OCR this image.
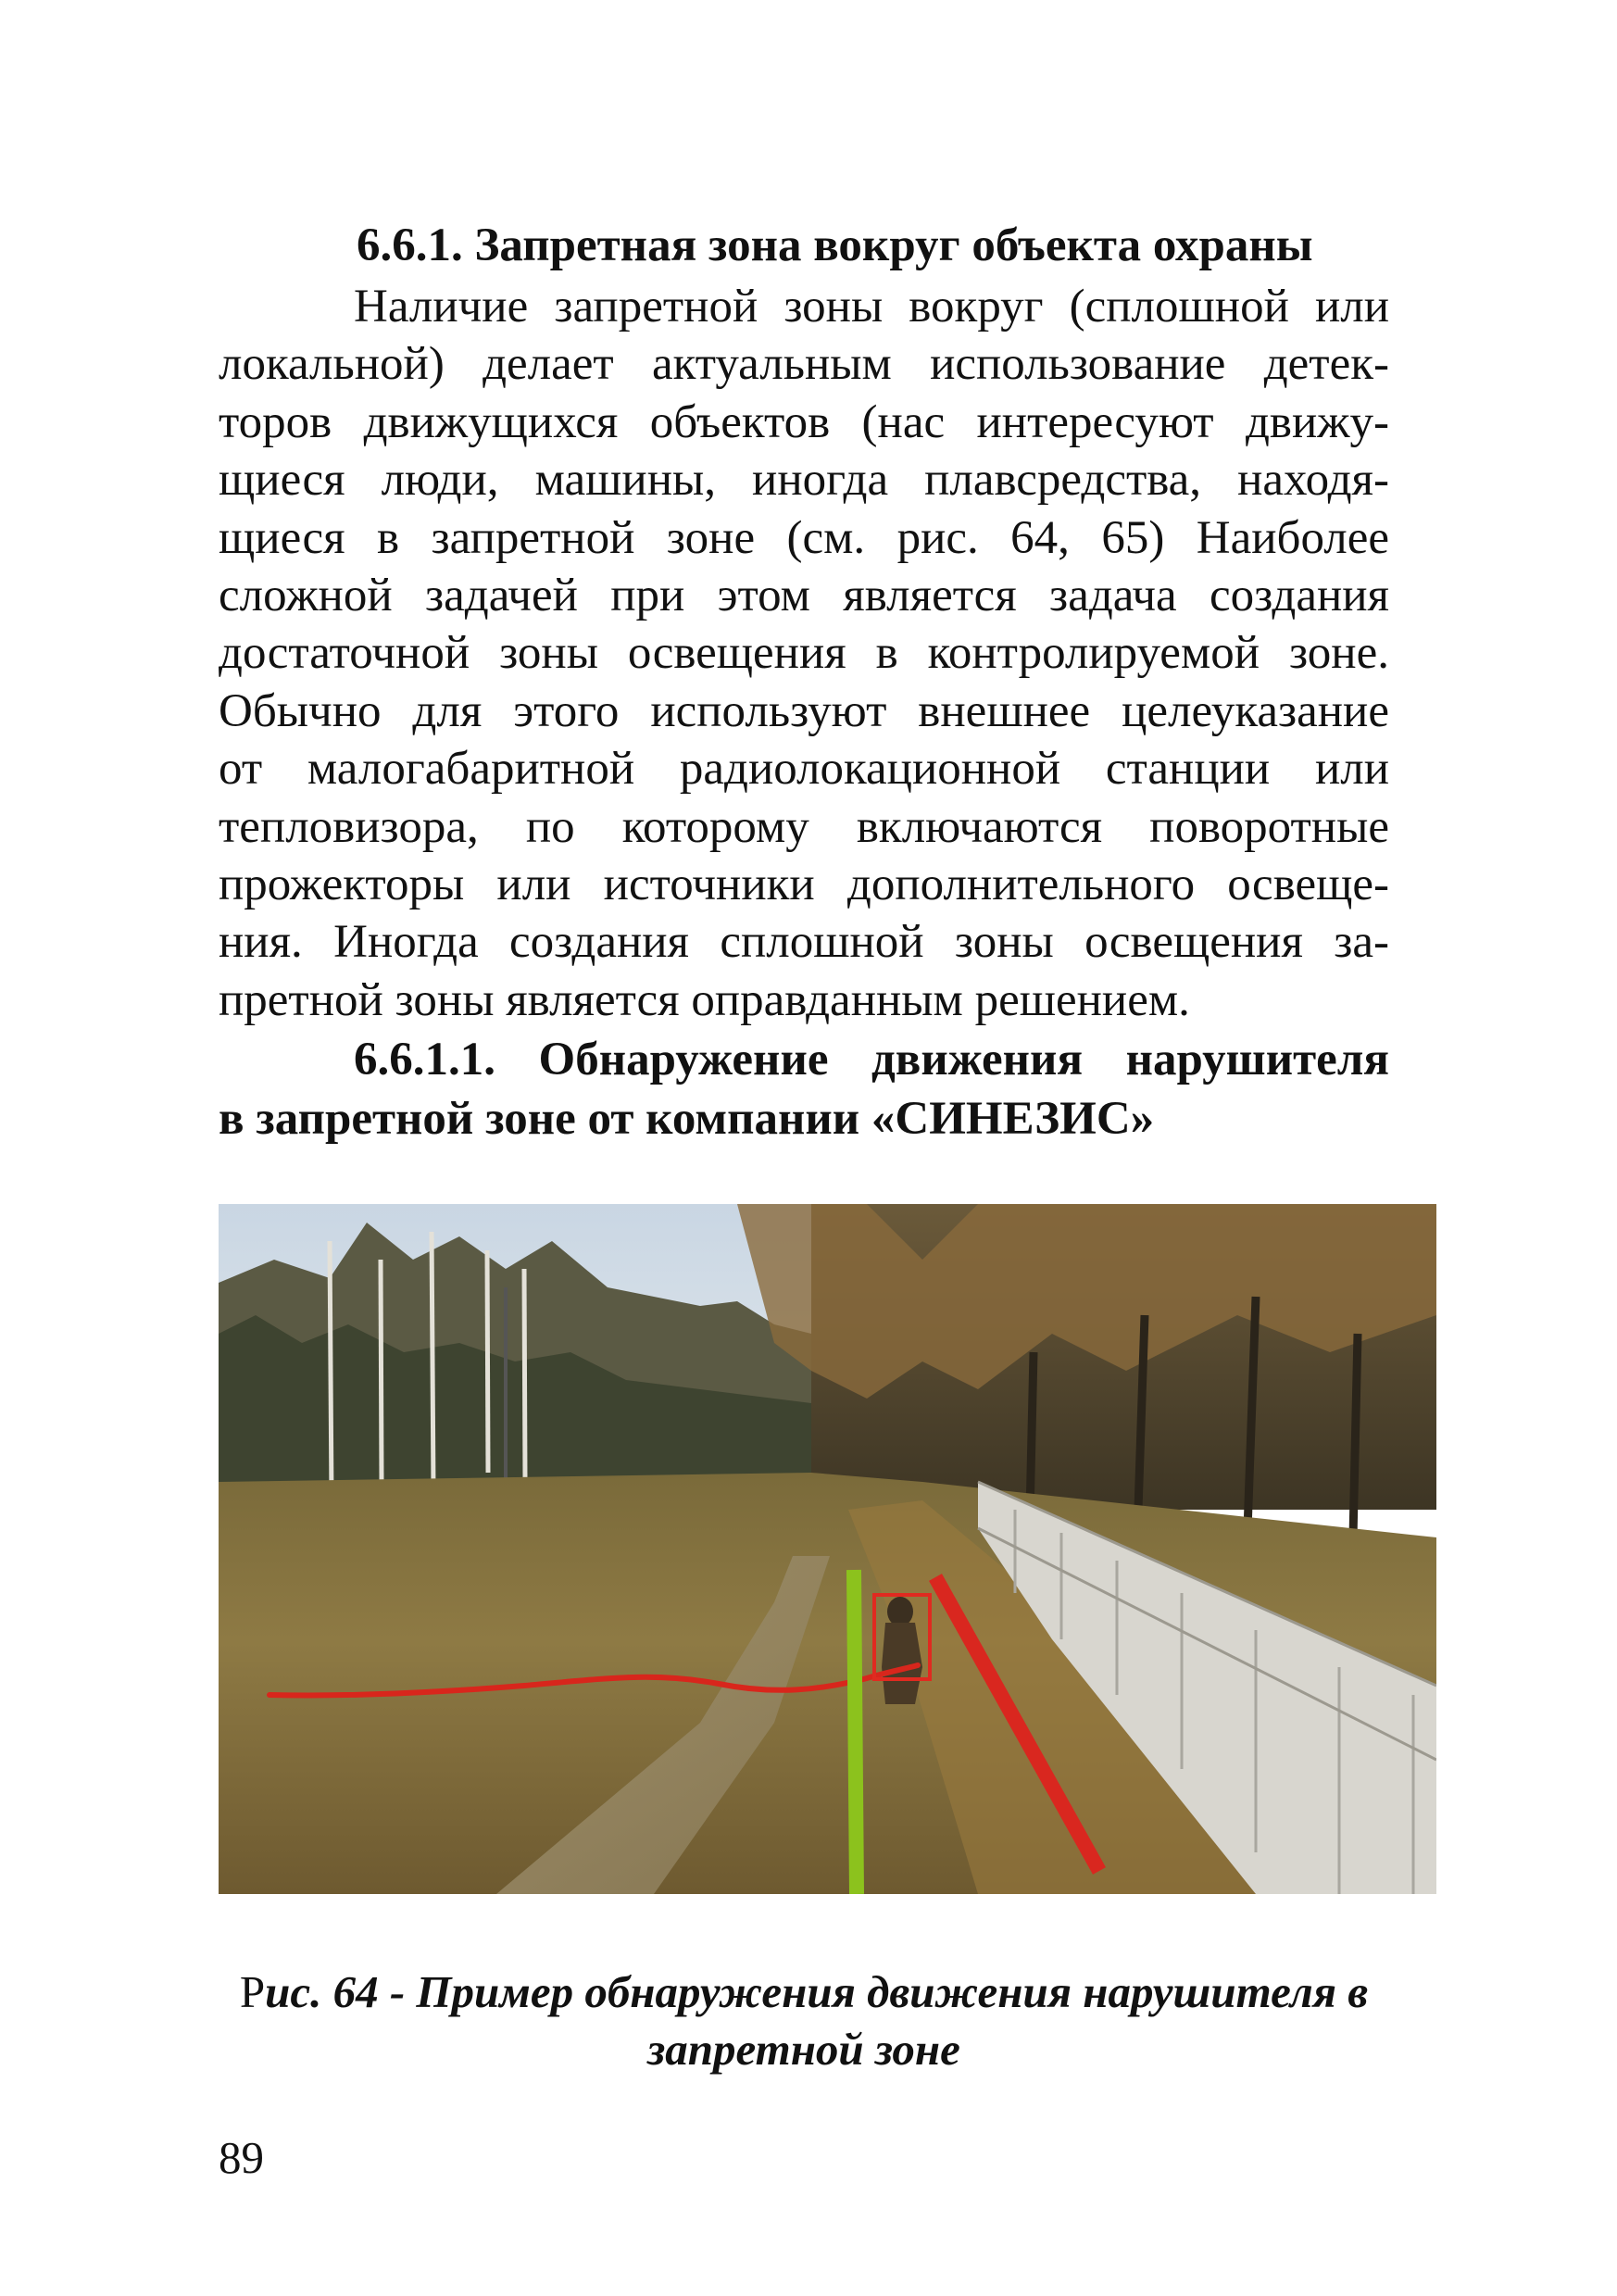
6.6.1. Запретная зона вокруг объекта охраны
Наличие запретной зоны вокруг (сплошной или
локальной) делает актуальным использование детек-
торов движущихся объектов (нас интересуют движу-
щиеся люди, машины, иногда плавсредства, находя-
щиеся в запретной зоне (см. рис. 64, 65) Наиболее
сложной задачей при этом является задача создания
достаточной зоны освещения в контролируемой зоне.
Обычно для этого используют внешнее целеуказание
от малогабаритной радиолокационной станции или
тепловизора, по которому включаются поворотные
прожекторы или источники дополнительного освеще-
ния. Иногда создания сплошной зоны освещения за-
претной зоны является оправданным решением.
6.6.1.1. Обнаружение движения нарушителя
в запретной зоне от компании «СИНЕЗИС»
Рис. 64 - Пример обнаружения движения нарушителя в
запретной зоне
89
